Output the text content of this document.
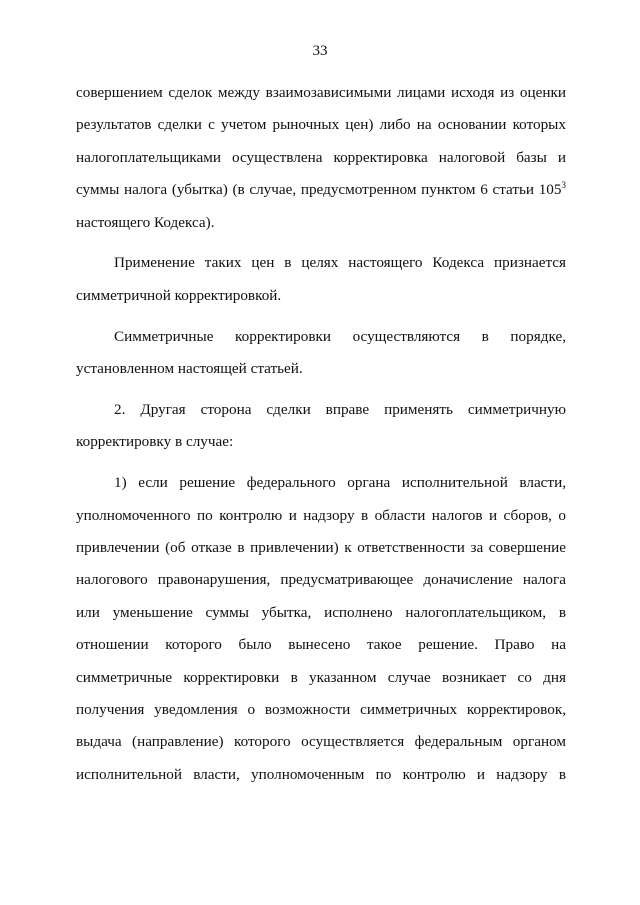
33
совершением сделок между взаимозависимыми лицами исходя из оценки
результатов сделки с учетом рыночных цен) либо на основании которых
налогоплательщиками осуществлена корректировка налоговой базы и
суммы налога (убытка) (в случае, предусмотренном пунктом 6 статьи $105^3$
настоящего Кодекса).
Применение таких цен в целях настоящего Кодекса признается
симметричной корректировкой.
Симметричные корректировки осуществляются в порядке,
установленном настоящей статьей.
2. Другая сторона сделки вправе применять симметричную
корректировку в случае:
1) если решение федерального органа исполнительной власти,
уполномоченного по контролю и надзору в области налогов и сборов, о
привлечении (об отказе в привлечении) к ответственности за совершение
налогового правонарушения, предусматривающее доначисление налога
или уменьшение суммы убытка, исполнено налогоплательщиком, в
отношении которого было вынесено такое решение. Право на
симметричные корректировки в указанном случае возникает со дня
получения уведомления о возможности симметричных корректировок,
выдача (направление) которого осуществляется федеральным органом
исполнительной власти, уполномоченным по контролю и надзору в
